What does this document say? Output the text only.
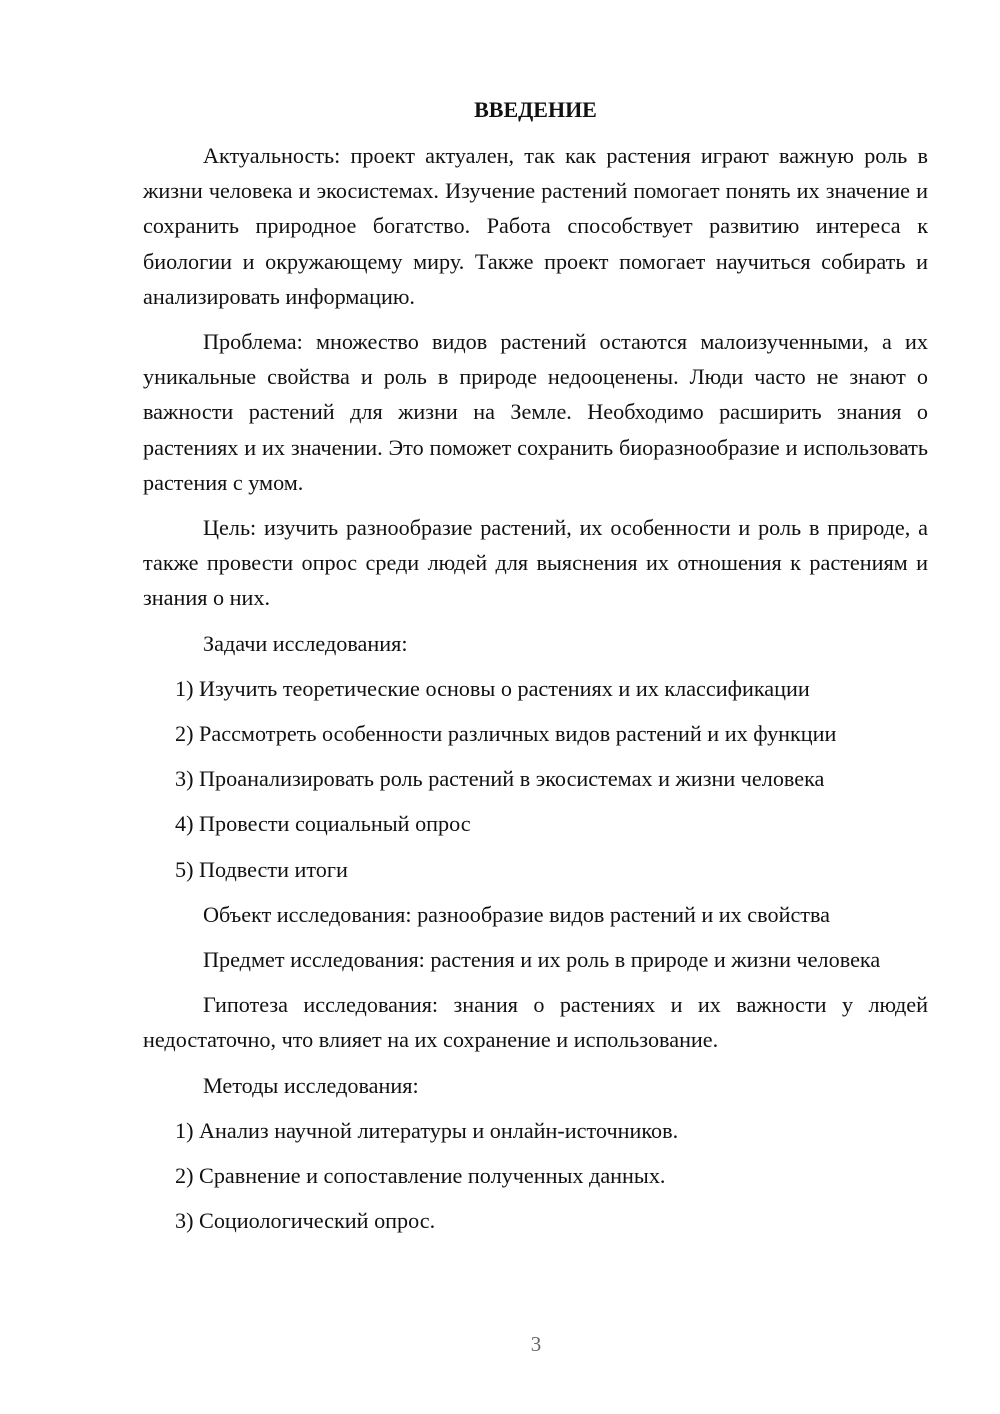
ВВЕДЕНИЕ

Актуальность: проект актуален, так как растения играют важную роль в жизни человека и экосистемах. Изучение растений помогает понять их значение и сохранить природное богатство. Работа способствует развитию интереса к биологии и окружающему миру. Также проект помогает научиться собирать и анализировать информацию.

Проблема: множество видов растений остаются малоизученными, а их уникальные свойства и роль в природе недооценены. Люди часто не знают о важности растений для жизни на Земле. Необходимо расширить знания о растениях и их значении. Это поможет сохранить биоразнообразие и использовать растения с умом.

Цель: изучить разнообразие растений, их особенности и роль в природе, а также провести опрос среди людей для выяснения их отношения к растениям и знания о них.

Задачи исследования:

1) Изучить теоретические основы о растениях и их классификации
2) Рассмотреть особенности различных видов растений и их функции
3) Проанализировать роль растений в экосистемах и жизни человека
4) Провести социальный опрос
5) Подвести итоги

Объект исследования: разнообразие видов растений и их свойства

Предмет исследования: растения и их роль в природе и жизни человека

Гипотеза исследования: знания о растениях и их важности у людей недостаточно, что влияет на их сохранение и использование.

Методы исследования:

1) Анализ научной литературы и онлайн-источников.
2) Сравнение и сопоставление полученных данных.
3) Социологический опрос.
3
